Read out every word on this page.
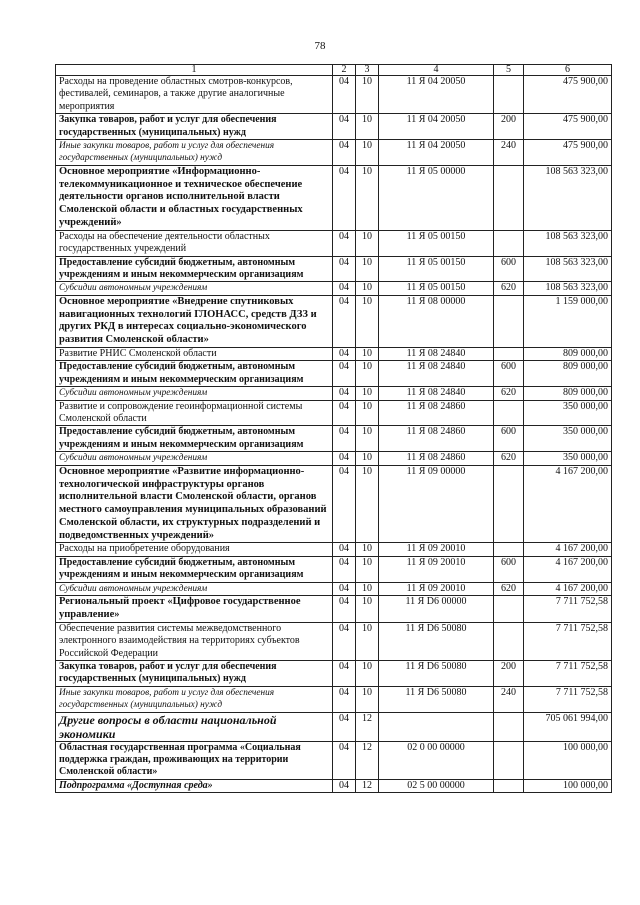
78
1	2	3	4	5	6
Расходы на проведение областных смотров-конкурсов, фестивалей, семинаров, а также другие аналогичные мероприятия	04	10	11 Я 04 20050		475 900,00
Закупка товаров, работ и услуг для обеспечения государственных (муниципальных) нужд	04	10	11 Я 04 20050	200	475 900,00
Иные закупки товаров, работ и услуг для обеспечения государственных (муниципальных) нужд	04	10	11 Я 04 20050	240	475 900,00
Основное мероприятие «Информационно-телекоммуникационное и техническое обеспечение деятельности органов исполнительной власти Смоленской области и областных государственных учреждений»	04	10	11 Я 05 00000		108 563 323,00
Расходы на обеспечение деятельности областных государственных учреждений	04	10	11 Я 05 00150		108 563 323,00
Предоставление субсидий бюджетным, автономным учреждениям и иным некоммерческим организациям	04	10	11 Я 05 00150	600	108 563 323,00
Субсидии автономным учреждениям	04	10	11 Я 05 00150	620	108 563 323,00
Основное мероприятие «Внедрение спутниковых навигационных технологий ГЛОНАСС, средств ДЗЗ и других РКД в интересах социально-экономического развития Смоленской области»	04	10	11 Я 08 00000		1 159 000,00
Развитие РНИС Смоленской области	04	10	11 Я 08 24840		809 000,00
Предоставление субсидий бюджетным, автономным учреждениям и иным некоммерческим организациям	04	10	11 Я 08 24840	600	809 000,00
Субсидии автономным учреждениям	04	10	11 Я 08 24840	620	809 000,00
Развитие и сопровождение геоинформационной системы Смоленской области	04	10	11 Я 08 24860		350 000,00
Предоставление субсидий бюджетным, автономным учреждениям и иным некоммерческим организациям	04	10	11 Я 08 24860	600	350 000,00
Субсидии автономным учреждениям	04	10	11 Я 08 24860	620	350 000,00
Основное мероприятие «Развитие информационно-технологической инфраструктуры органов исполнительной власти Смоленской области, органов местного самоуправления муниципальных образований Смоленской области, их структурных подразделений и подведомственных учреждений»	04	10	11 Я 09 00000		4 167 200,00
Расходы на приобретение оборудования	04	10	11 Я 09 20010		4 167 200,00
Предоставление субсидий бюджетным, автономным учреждениям и иным некоммерческим организациям	04	10	11 Я 09 20010	600	4 167 200,00
Субсидии автономным учреждениям	04	10	11 Я 09 20010	620	4 167 200,00
Региональный проект «Цифровое государственное управление»	04	10	11 Я D6 00000		7 711 752,58
Обеспечение развития системы межведомственного электронного взаимодействия на территориях субъектов Российской Федерации	04	10	11 Я D6 50080		7 711 752,58
Закупка товаров, работ и услуг для обеспечения государственных (муниципальных) нужд	04	10	11 Я D6 50080	200	7 711 752,58
Иные закупки товаров, работ и услуг для обеспечения государственных (муниципальных) нужд	04	10	11 Я D6 50080	240	7 711 752,58
Другие вопросы в области национальной экономики	04	12			705 061 994,00
Областная государственная программа «Социальная поддержка граждан, проживающих на территории Смоленской области»	04	12	02 0 00 00000		100 000,00
Подпрограмма «Доступная среда»	04	12	02 5 00 00000		100 000,00
